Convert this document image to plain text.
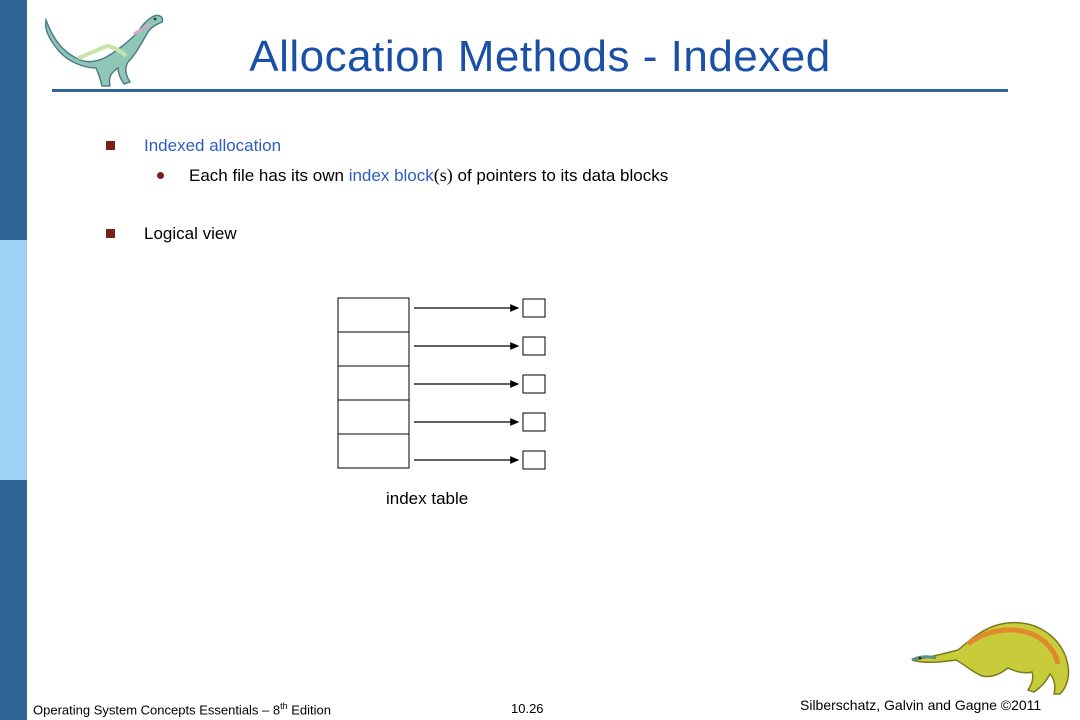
Allocation Methods - Indexed
Indexed allocation
Each file has its own index block(s) of pointers to its data blocks
Logical view
index table
Operating System Concepts Essentials – 8th Edition	10.26	Silberschatz, Galvin and Gagne ©2011
